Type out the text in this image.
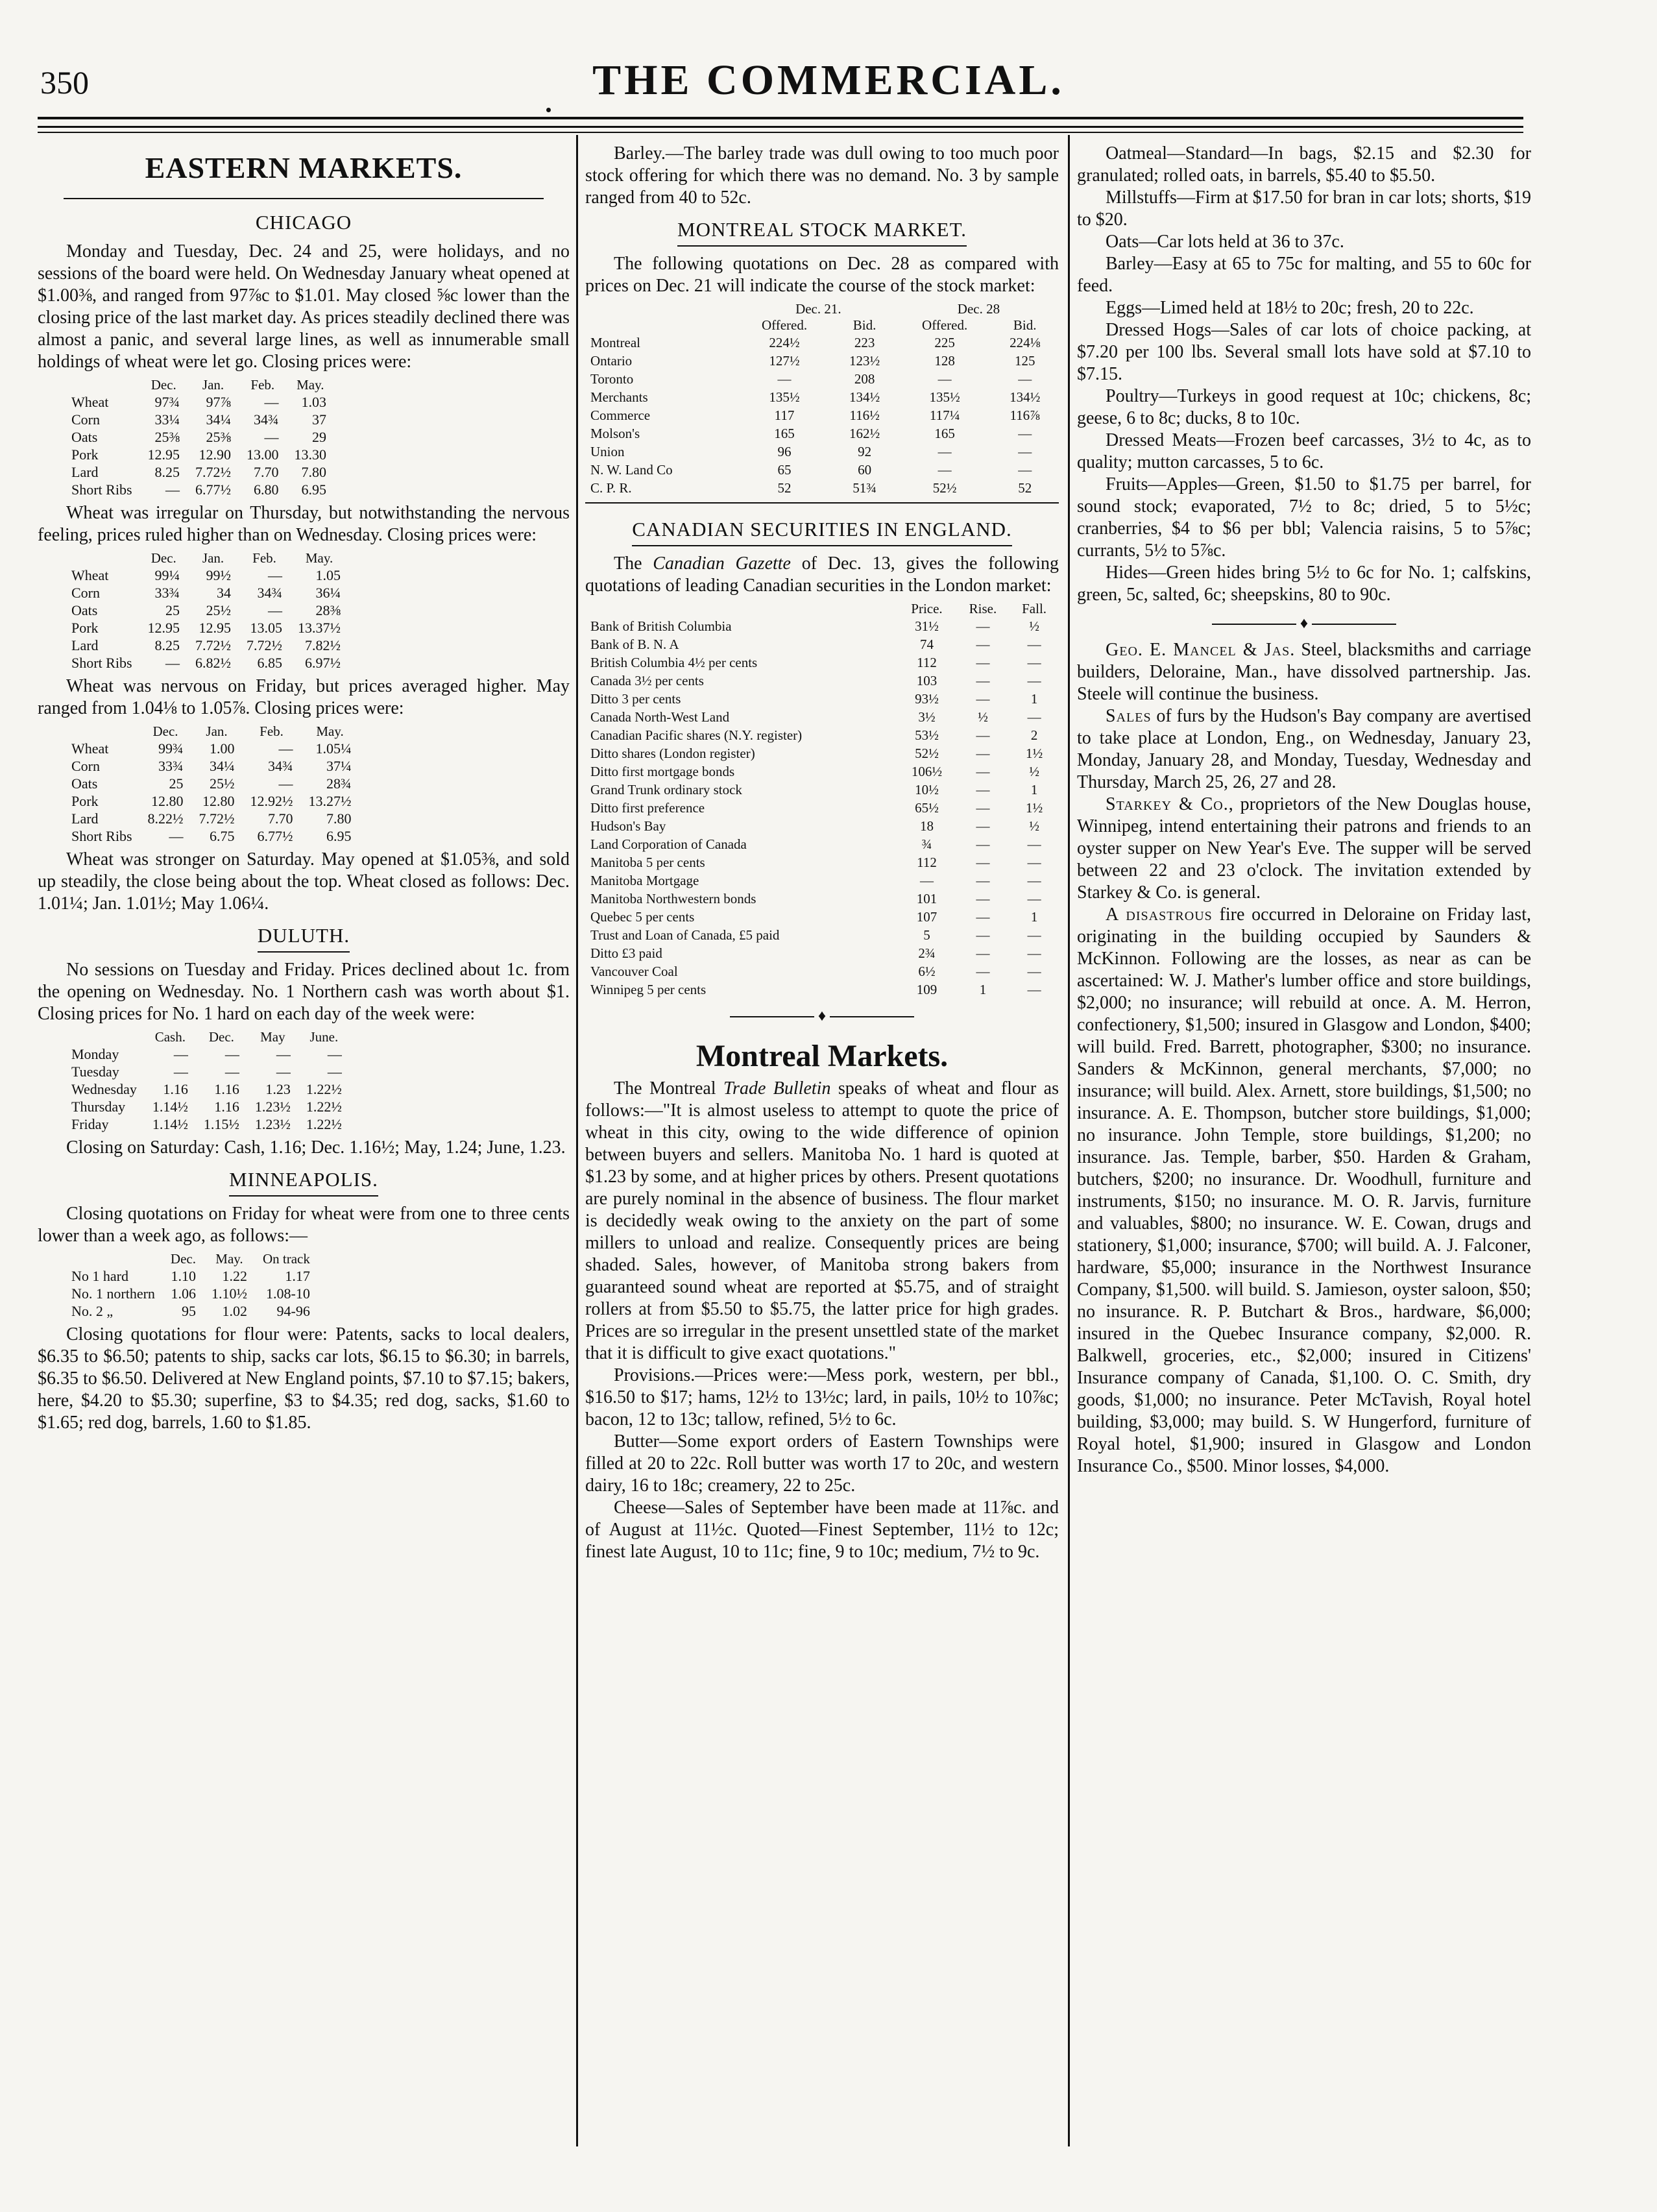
350	THE COMMERCIAL.
EASTERN MARKETS.
CHICAGO

Monday and Tuesday, Dec. 24 and 25, were holidays, and no sessions of the board were held. On Wednesday January wheat opened at $1.00⅜, and ranged from 97⅞c to $1.01. May closed ⅝c lower than the closing price of the last market day. As prices steadily declined there was almost a panic, and several large lines, as well as innumerable small holdings of wheat were let go. Closing prices were:

	Dec.	Jan.	Feb.	May.
Wheat	97¾	97⅞	—	1.03
Corn	33¼	34¼	34¾	37
Oats	25⅜	25⅜	—	29
Pork	12.95	12.90	13.00	13.30
Lard	8.25	7.72½	7.70	7.80
Short Ribs	—	6.77½	6.80	6.95

Wheat was irregular on Thursday, but notwithstanding the nervous feeling, prices ruled higher than on Wednesday. Closing prices were:

	Dec.	Jan.	Feb.	May.
Wheat	99¼	99½	—	1.05
Corn	33¾	34	34¾	36¼
Oats	25	25½	—	28⅜
Pork	12.95	12.95	13.05	13.37½
Lard	8.25	7.72½	7.72½	7.82½
Short Ribs	—	6.82½	6.85	6.97½

Wheat was nervous on Friday, but prices averaged higher. May ranged from 1.04⅛ to 1.05⅞. Closing prices were:

	Dec.	Jan.	Feb.	May.
Wheat	99¾	1.00	—	1.05¼
Corn	33¾	34¼	34¾	37¼
Oats	25	25½	—	28¾
Pork	12.80	12.80	12.92½	13.27½
Lard	8.22½	7.72½	7.70	7.80
Short Ribs	—	6.75	6.77½	6.95

Wheat was stronger on Saturday. May opened at $1.05⅜, and sold up steadily, the close being about the top. Wheat closed as follows: Dec. 1.01¼; Jan. 1.01½; May 1.06¼.

DULUTH.

No sessions on Tuesday and Friday. Prices declined about 1c. from the opening on Wednesday. No. 1 Northern cash was worth about $1. Closing prices for No. 1 hard on each day of the week were:

	Cash.	Dec.	May	June.
Monday	—	—	—	—
Tuesday	—	—	—	—
Wednesday	1.16	1.16	1.23	1.22½
Thursday	1.14½	1.16	1.23½	1.22½
Friday	1.14½	1.15½	1.23½	1.22½

Closing on Saturday: Cash, 1.16; Dec. 1.16½; May, 1.24; June, 1.23.

MINNEAPOLIS.

Closing quotations on Friday for wheat were from one to three cents lower than a week ago, as follows:—

	Dec.	May.	On track
No 1 hard	1.10	1.22	1.17
No. 1 northern	1.06	1.10½	1.08-10
No. 2 „	95	1.02	94-96

Closing quotations for flour were: Patents, sacks to local dealers, $6.35 to $6.50; patents to ship, sacks car lots, $6.15 to $6.30; in barrels, $6.35 to $6.50. Delivered at New England points, $7.10 to $7.15; bakers, here, $4.20 to $5.30; superfine, $3 to $4.35; red dog, sacks, $1.60 to $1.65; red dog, barrels, 1.60 to $1.85.

Barley.—The barley trade was dull owing to too much poor stock offering for which there was no demand. No. 3 by sample ranged from 40 to 52c.

MONTREAL STOCK MARKET.

The following quotations on Dec. 28 as compared with prices on Dec. 21 will indicate the course of the stock market:

	Dec. 21.		Dec. 28	
	Offered.	Bid.	Offered.	Bid.
Montreal	224½	223	225	224⅛
Ontario	127½	123½	128	125
Toronto	—	208	—	—
Merchants	135½	134½	135½	134½
Commerce	117	116½	117¼	116⅞
Molson's	165	162½	165	—
Union	96	92	—	—
N. W. Land Co	65	60	—	—
C. P. R.	52	51¾	52½	52
CANADIAN SECURITIES IN ENGLAND.

The Canadian Gazette of Dec. 13, gives the following quotations of leading Canadian securities in the London market:

	Price.	Rise.	Fall.
Bank of British Columbia	31½	—	½
Bank of B. N. A	74	—	—
British Columbia 4½ per cents	112	—	—
Canada 3½ per cents	103	—	—
Ditto 3 per cents	93½	—	1
Canada North-West Land	3½	½	—
Canadian Pacific shares (N.Y. register)	53½	—	2
Ditto shares (London register)	52½	—	1½
Ditto first mortgage bonds	106½	—	½
Grand Trunk ordinary stock	10½	—	1
Ditto first preference	65½	—	1½
Hudson's Bay	18	—	½
Land Corporation of Canada	¾	—	—
Manitoba 5 per cents	112	—	—
Manitoba Mortgage	—	—	—
Manitoba Northwestern bonds	101	—	—
Quebec 5 per cents	107	—	1
Trust and Loan of Canada, £5 paid	5	—	—
Ditto £3 paid	2¾	—	—
Vancouver Coal	6½	—	—
Winnipeg 5 per cents	109	1	—
♦
Montreal Markets.

The Montreal Trade Bulletin speaks of wheat and flour as follows:—"It is almost useless to attempt to quote the price of wheat in this city, owing to the wide difference of opinion between buyers and sellers. Manitoba No. 1 hard is quoted at $1.23 by some, and at higher prices by others. Present quotations are purely nominal in the absence of business. The flour market is decidedly weak owing to the anxiety on the part of some millers to unload and realize. Consequently prices are being shaded. Sales, however, of Manitoba strong bakers from guaranteed sound wheat are reported at $5.75, and of straight rollers at from $5.50 to $5.75, the latter price for high grades. Prices are so irregular in the present unsettled state of the market that it is difficult to give exact quotations."

Provisions.—Prices were:—Mess pork, western, per bbl., $16.50 to $17; hams, 12½ to 13½c; lard, in pails, 10½ to 10⅞c; bacon, 12 to 13c; tallow, refined, 5½ to 6c.

Butter—Some export orders of Eastern Townships were filled at 20 to 22c. Roll butter was worth 17 to 20c, and western dairy, 16 to 18c; creamery, 22 to 25c.

Cheese—Sales of September have been made at 11⅞c. and of August at 11½c. Quoted—Finest September, 11½ to 12c; finest late August, 10 to 11c; fine, 9 to 10c; medium, 7½ to 9c.

Oatmeal—Standard—In bags, $2.15 and $2.30 for granulated; rolled oats, in barrels, $5.40 to $5.50.

Millstuffs—Firm at $17.50 for bran in car lots; shorts, $19 to $20.

Oats—Car lots held at 36 to 37c.

Barley—Easy at 65 to 75c for malting, and 55 to 60c for feed.

Eggs—Limed held at 18½ to 20c; fresh, 20 to 22c.

Dressed Hogs—Sales of car lots of choice packing, at $7.20 per 100 lbs. Several small lots have sold at $7.10 to $7.15.

Poultry—Turkeys in good request at 10c; chickens, 8c; geese, 6 to 8c; ducks, 8 to 10c.

Dressed Meats—Frozen beef carcasses, 3½ to 4c, as to quality; mutton carcasses, 5 to 6c.

Fruits—Apples—Green, $1.50 to $1.75 per barrel, for sound stock; evaporated, 7½ to 8c; dried, 5 to 5½c; cranberries, $4 to $6 per bbl; Valencia raisins, 5 to 5⅞c; currants, 5½ to 5⅞c.

Hides—Green hides bring 5½ to 6c for No. 1; calfskins, green, 5c, salted, 6c; sheepskins, 80 to 90c.

♦

Geo. E. Mancel & Jas. Steel, blacksmiths and carriage builders, Deloraine, Man., have dissolved partnership. Jas. Steele will continue the business.

Sales of furs by the Hudson's Bay company are avertised to take place at London, Eng., on Wednesday, January 23, Monday, January 28, and Monday, Tuesday, Wednesday and Thursday, March 25, 26, 27 and 28.

Starkey & Co., proprietors of the New Douglas house, Winnipeg, intend entertaining their patrons and friends to an oyster supper on New Year's Eve. The supper will be served between 22 and 23 o'clock. The invitation extended by Starkey & Co. is general.

A disastrous fire occurred in Deloraine on Friday last, originating in the building occupied by Saunders & McKinnon. Following are the losses, as near as can be ascertained: W. J. Mather's lumber office and store buildings, $2,000; no insurance; will rebuild at once. A. M. Herron, confectionery, $1,500; insured in Glasgow and London, $400; will build. Fred. Barrett, photographer, $300; no insurance. Sanders & McKinnon, general merchants, $7,000; no insurance; will build. Alex. Arnett, store buildings, $1,500; no insurance. A. E. Thompson, butcher store buildings, $1,000; no insurance. John Temple, store buildings, $1,200; no insurance. Jas. Temple, barber, $50. Harden & Graham, butchers, $200; no insurance. Dr. Woodhull, furniture and instruments, $150; no insurance. M. O. R. Jarvis, furniture and valuables, $800; no insurance. W. E. Cowan, drugs and stationery, $1,000; insurance, $700; will build. A. J. Falconer, hardware, $5,000; insurance in the Northwest Insurance Company, $1,500. will build. S. Jamieson, oyster saloon, $50; no insurance. R. P. Butchart & Bros., hardware, $6,000; insured in the Quebec Insurance company, $2,000. R. Balkwell, groceries, etc., $2,000; insured in Citizens' Insurance company of Canada, $1,100. O. C. Smith, dry goods, $1,000; no insurance. Peter McTavish, Royal hotel building, $3,000; may build. S. W Hungerford, furniture of Royal hotel, $1,900; insured in Glasgow and London Insurance Co., $500. Minor losses, $4,000.
